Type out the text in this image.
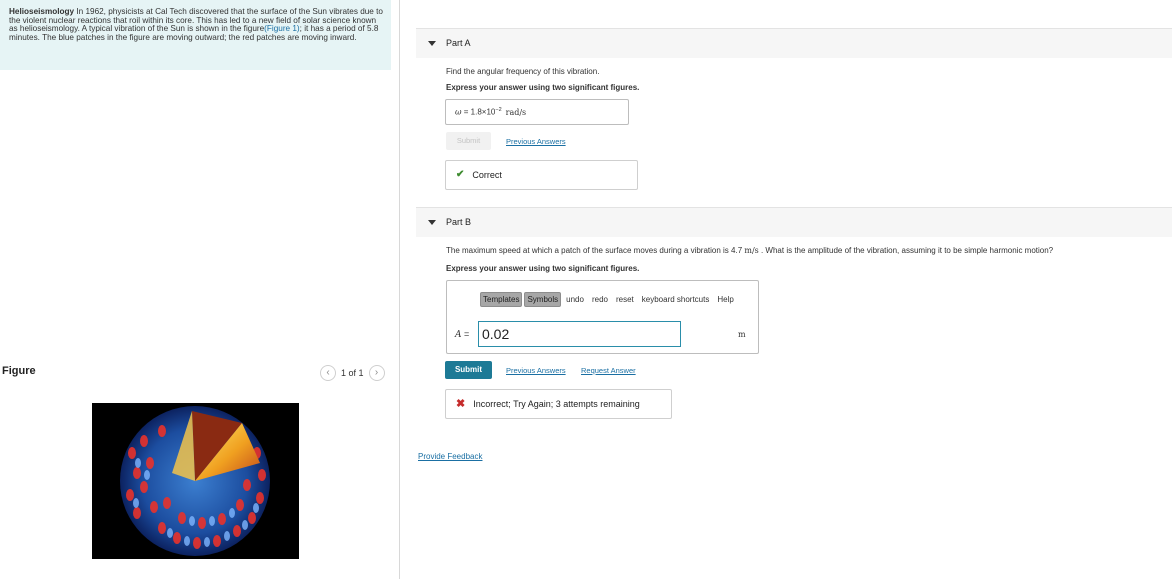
Helioseismology In 1962, physicists at Cal Tech discovered that the surface of the Sun vibrates due to the violent nuclear reactions that roil within its core. This has led to a new field of solar science known as helioseismology. A typical vibration of the Sun is shown in the figure(Figure 1); it has a period of 5.8 minutes. The blue patches in the figure are moving outward; the red patches are moving inward.
Figure	‹	1 of 1	›
Part A
Find the angular frequency of this vibration.
Express your answer using two significant figures.
$\omega = 1.8\times 10^{-2}$ rad/s
Submit	Previous Answers
✔ Correct
Part B
The maximum speed at which a patch of the surface moves during a vibration is 4.7 m/s . What is the amplitude of the vibration, assuming it to be simple harmonic motion?
Express your answer using two significant figures.
Templates	Symbols	undo	redo	reset	keyboard shortcuts	Help
A = 0.02	m
Submit	Previous Answers Request Answer
✖ Incorrect; Try Again; 3 attempts remaining
Provide Feedback
